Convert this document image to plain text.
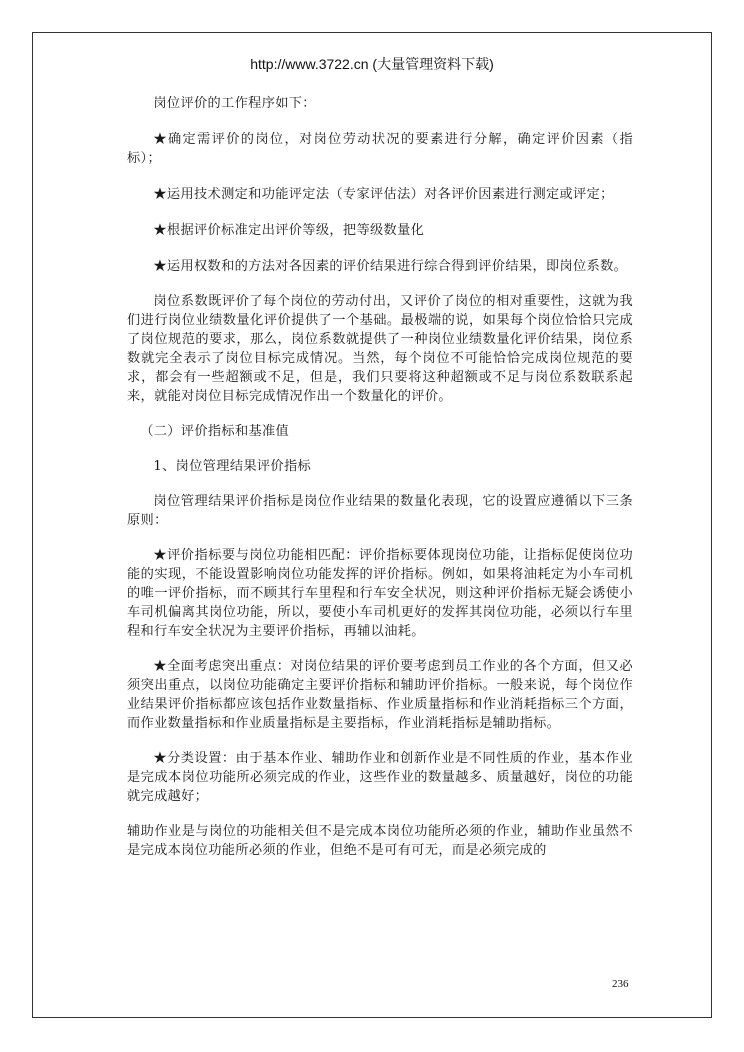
http://www.3722.cn (大量管理资料下载)

岗位评价的工作程序如下：

★确定需评价的岗位，对岗位劳动状况的要素进行分解，确定评价因素（指标）；

★运用技术测定和功能评定法（专家评估法）对各评价因素进行测定或评定；

★根据评价标准定出评价等级，把等级数量化

★运用权数和的方法对各因素的评价结果进行综合得到评价结果，即岗位系数。

岗位系数既评价了每个岗位的劳动付出，又评价了岗位的相对重要性，这就为我们进行岗位业绩数量化评价提供了一个基础。最极端的说，如果每个岗位恰恰只完成了岗位规范的要求，那么，岗位系数就提供了一种岗位业绩数量化评价结果，岗位系数就完全表示了岗位目标完成情况。当然，每个岗位不可能恰恰完成岗位规范的要求，都会有一些超额或不足，但是，我们只要将这种超额或不足与岗位系数联系起来，就能对岗位目标完成情况作出一个数量化的评价。

（二）评价指标和基准值

1、岗位管理结果评价指标

岗位管理结果评价指标是岗位作业结果的数量化表现，它的设置应遵循以下三条原则：

★评价指标要与岗位功能相匹配：评价指标要体现岗位功能，让指标促使岗位功能的实现，不能设置影响岗位功能发挥的评价指标。例如，如果将油耗定为小车司机的唯一评价指标，而不顾其行车里程和行车安全状况，则这种评价指标无疑会诱使小车司机偏离其岗位功能，所以，要使小车司机更好的发挥其岗位功能，必须以行车里程和行车安全状况为主要评价指标，再辅以油耗。

★全面考虑突出重点：对岗位结果的评价要考虑到员工作业的各个方面，但又必须突出重点，以岗位功能确定主要评价指标和辅助评价指标。一般来说，每个岗位作业结果评价指标都应该包括作业数量指标、作业质量指标和作业消耗指标三个方面，而作业数量指标和作业质量指标是主要指标，作业消耗指标是辅助指标。

★分类设置：由于基本作业、辅助作业和创新作业是不同性质的作业，基本作业是完成本岗位功能所必须完成的作业，这些作业的数量越多、质量越好，岗位的功能就完成越好；

辅助作业是与岗位的功能相关但不是完成本岗位功能所必须的作业，辅助作业虽然不是完成本岗位功能所必须的作业，但绝不是可有可无，而是必须完成的

236
